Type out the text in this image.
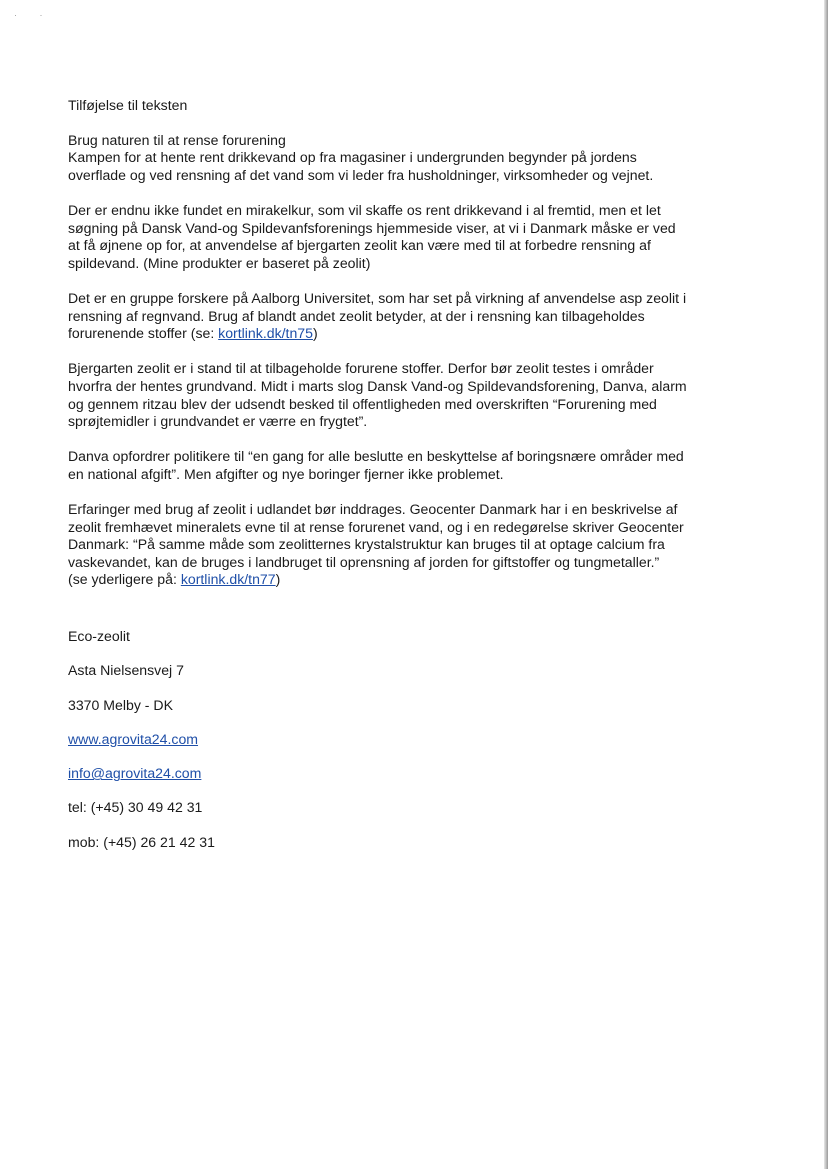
· ·
Tilføjelse til teksten
Brug naturen til at rense forurening
Kampen for at hente rent drikkevand op fra magasiner i undergrunden begynder på jordens
overflade og ved rensning af det vand som vi leder fra husholdninger, virksomheder og vejnet.
Der er endnu ikke fundet en mirakelkur, som vil skaffe os rent drikkevand i al fremtid, men et let
søgning på Dansk Vand-og Spildevanfsforenings hjemmeside viser, at vi i Danmark måske er ved
at få øjnene op for, at anvendelse af bjergarten zeolit kan være med til at forbedre rensning af
spildevand. (Mine produkter er baseret på zeolit)
Det er en gruppe forskere på Aalborg Universitet, som har set på virkning af anvendelse asp zeolit i
rensning af regnvand. Brug af blandt andet zeolit betyder, at der i rensning kan tilbageholdes
forurenende stoffer (se: kortlink.dk/tn75)
Bjergarten zeolit er i stand til at tilbageholde forurene stoffer. Derfor bør zeolit testes i områder
hvorfra der hentes grundvand. Midt i marts slog Dansk Vand-og Spildevandsforening, Danva, alarm
og gennem ritzau blev der udsendt besked til offentligheden med overskriften “Forurening med
sprøjtemidler i grundvandet er værre en frygtet”.
Danva opfordrer politikere til “en gang for alle beslutte en beskyttelse af boringsnære områder med
en national afgift”. Men afgifter og nye boringer fjerner ikke problemet.
Erfaringer med brug af zeolit i udlandet bør inddrages. Geocenter Danmark har i en beskrivelse af
zeolit fremhævet mineralets evne til at rense forurenet vand, og i en redegørelse skriver Geocenter
Danmark: “På samme måde som zeolitternes krystalstruktur kan bruges til at optage calcium fra
vaskevandet, kan de bruges i landbruget til oprensning af jorden for giftstoffer og tungmetaller.”
(se yderligere på: kortlink.dk/tn77)
Eco-zeolit
Asta Nielsensvej 7
3370 Melby - DK
www.agrovita24.com
info@agrovita24.com
tel: (+45) 30 49 42 31
mob: (+45) 26 21 42 31
